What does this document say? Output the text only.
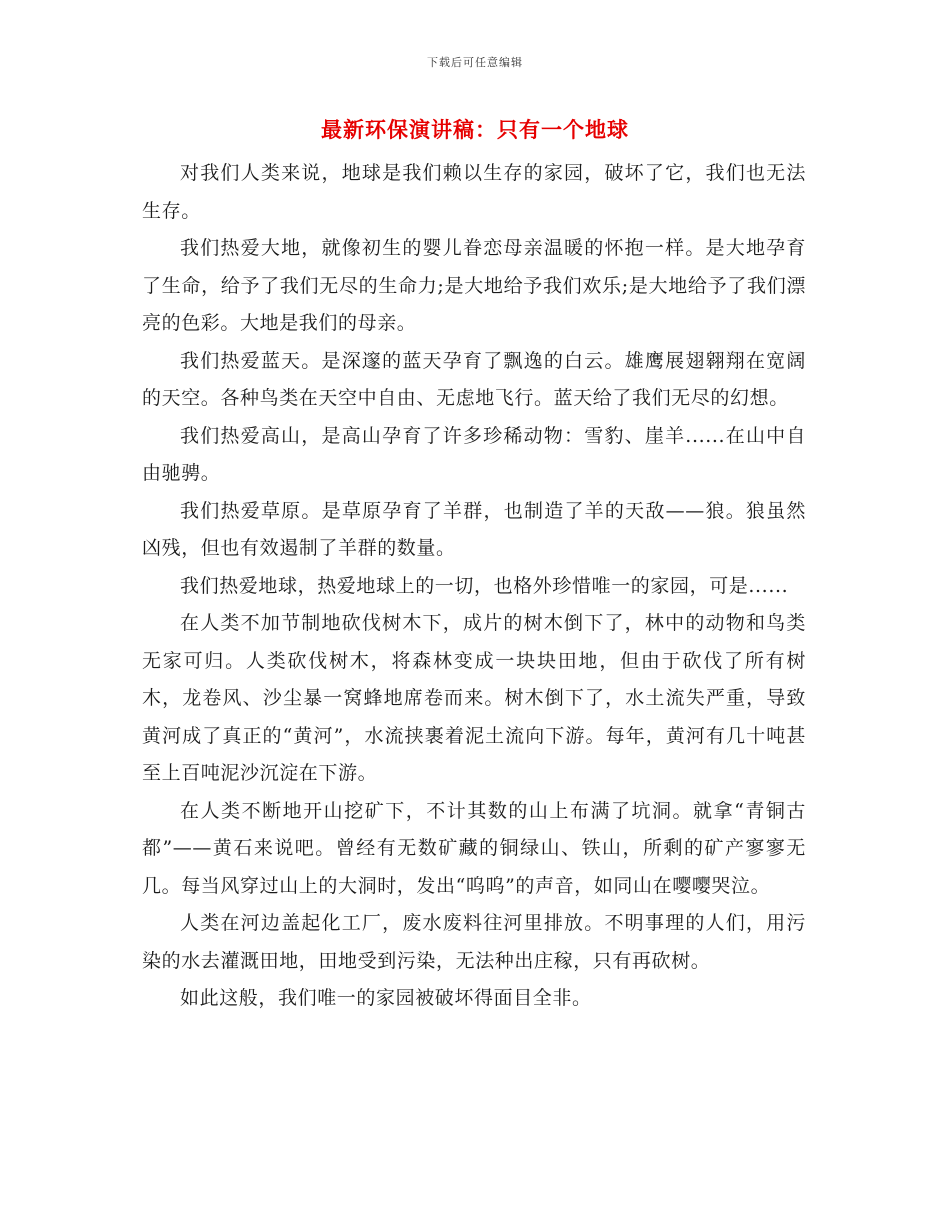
下载后可任意编辑
最新环保演讲稿：只有一个地球

对我们人类来说，地球是我们赖以生存的家园，破坏了它，我们也无法生存。

我们热爱大地，就像初生的婴儿眷恋母亲温暖的怀抱一样。是大地孕育了生命，给予了我们无尽的生命力;是大地给予我们欢乐;是大地给予了我们漂亮的色彩。大地是我们的母亲。

我们热爱蓝天。是深邃的蓝天孕育了飘逸的白云。雄鹰展翅翱翔在宽阔的天空。各种鸟类在天空中自由、无虑地飞行。蓝天给了我们无尽的幻想。

我们热爱高山，是高山孕育了许多珍稀动物：雪豹、崖羊......在山中自由驰骋。

我们热爱草原。是草原孕育了羊群，也制造了羊的天敌——狼。狼虽然凶残，但也有效遏制了羊群的数量。

我们热爱地球，热爱地球上的一切，也格外珍惜唯一的家园，可是......

在人类不加节制地砍伐树木下，成片的树木倒下了，林中的动物和鸟类无家可归。人类砍伐树木，将森林变成一块块田地，但由于砍伐了所有树木，龙卷风、沙尘暴一窝蜂地席卷而来。树木倒下了，水土流失严重，导致黄河成了真正的“黄河”，水流挟裹着泥土流向下游。每年，黄河有几十吨甚至上百吨泥沙沉淀在下游。

在人类不断地开山挖矿下，不计其数的山上布满了坑洞。就拿“青铜古都”——黄石来说吧。曾经有无数矿藏的铜绿山、铁山，所剩的矿产寥寥无几。每当风穿过山上的大洞时，发出“呜呜”的声音，如同山在嘤嘤哭泣。

人类在河边盖起化工厂，废水废料往河里排放。不明事理的人们，用污染的水去灌溉田地，田地受到污染，无法种出庄稼，只有再砍树。

如此这般，我们唯一的家园被破坏得面目全非。
